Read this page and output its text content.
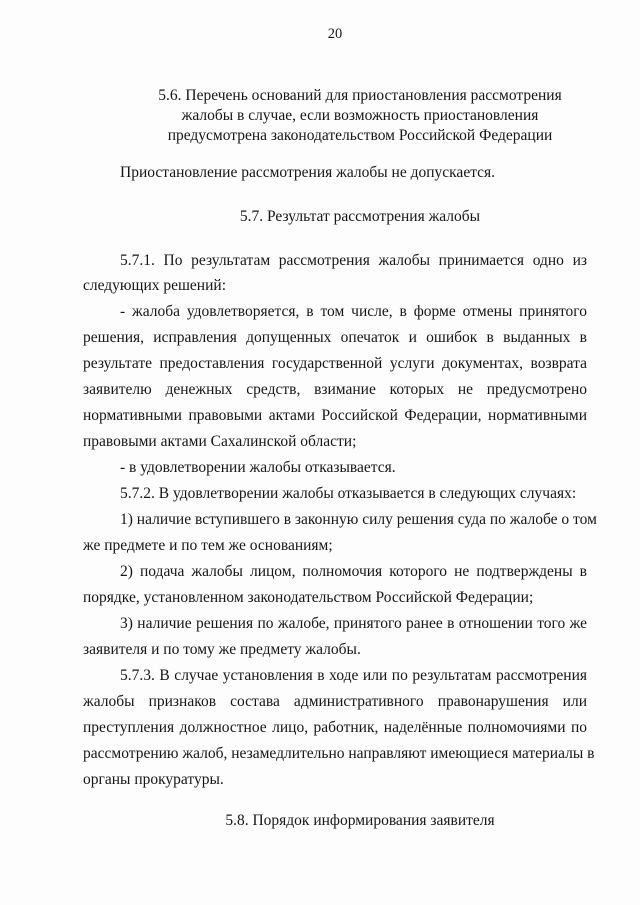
20
5.6. Перечень оснований для приостановления рассмотрения
жалобы в случае, если возможность приостановления
предусмотрена законодательством Российской Федерации
Приостановление рассмотрения жалобы не допускается.
5.7. Результат рассмотрения жалобы
5.7.1. По результатам рассмотрения жалобы принимается одно из
следующих решений:
- жалоба удовлетворяется, в том числе, в форме отмены принятого
решения, исправления допущенных опечаток и ошибок в выданных в
результате предоставления государственной услуги документах, возврата
заявителю денежных средств, взимание которых не предусмотрено
нормативными правовыми актами Российской Федерации, нормативными
правовыми актами Сахалинской области;
- в удовлетворении жалобы отказывается.
5.7.2. В удовлетворении жалобы отказывается в следующих случаях:
1) наличие вступившего в законную силу решения суда по жалобе о том
же предмете и по тем же основаниям;
2) подача жалобы лицом, полномочия которого не подтверждены в
порядке, установленном законодательством Российской Федерации;
3) наличие решения по жалобе, принятого ранее в отношении того же
заявителя и по тому же предмету жалобы.
5.7.3. В случае установления в ходе или по результатам рассмотрения
жалобы признаков состава административного правонарушения или
преступления должностное лицо, работник, наделённые полномочиями по
рассмотрению жалоб, незамедлительно направляют имеющиеся материалы в
органы прокуратуры.
5.8. Порядок информирования заявителя
